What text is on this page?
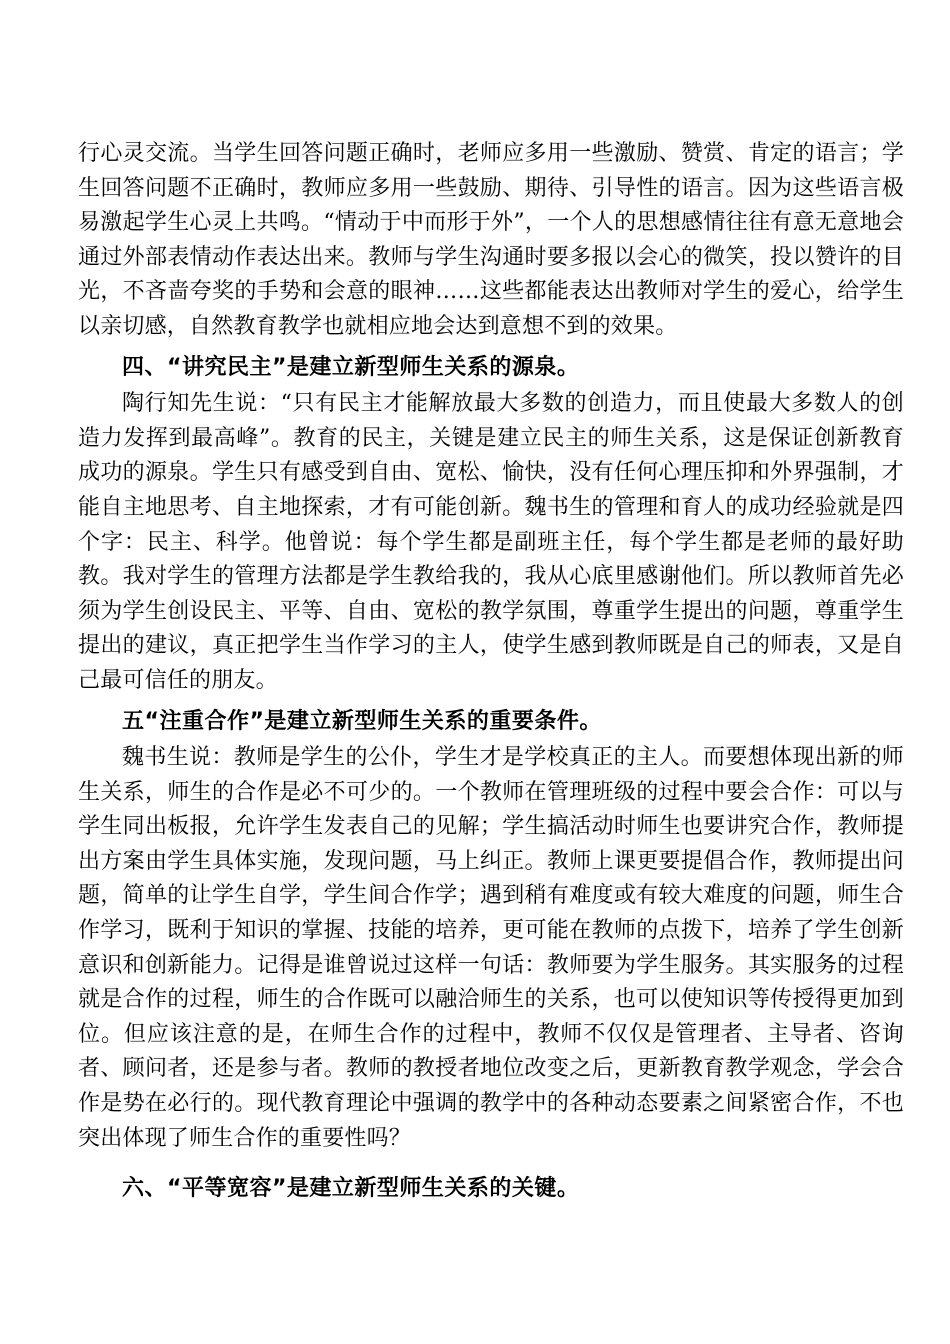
行心灵交流。当学生回答问题正确时，老师应多用一些激励、赞赏、肯定的语言；学生回答问题不正确时，教师应多用一些鼓励、期待、引导性的语言。因为这些语言极易激起学生心灵上共鸣。“情动于中而形于外”，一个人的思想感情往往有意无意地会通过外部表情动作表达出来。教师与学生沟通时要多报以会心的微笑，投以赞许的目光，不吝啬夸奖的手势和会意的眼神……这些都能表达出教师对学生的爱心，给学生以亲切感，自然教育教学也就相应地会达到意想不到的效果。

四、“讲究民主”是建立新型师生关系的源泉。

陶行知先生说：“只有民主才能解放最大多数的创造力，而且使最大多数人的创造力发挥到最高峰”。教育的民主，关键是建立民主的师生关系，这是保证创新教育成功的源泉。学生只有感受到自由、宽松、愉快，没有任何心理压抑和外界强制，才能自主地思考、自主地探索，才有可能创新。魏书生的管理和育人的成功经验就是四个字：民主、科学。他曾说：每个学生都是副班主任，每个学生都是老师的最好助教。我对学生的管理方法都是学生教给我的，我从心底里感谢他们。所以教师首先必须为学生创设民主、平等、自由、宽松的教学氛围，尊重学生提出的问题，尊重学生提出的建议，真正把学生当作学习的主人，使学生感到教师既是自己的师表，又是自己最可信任的朋友。

五“注重合作”是建立新型师生关系的重要条件。

魏书生说：教师是学生的公仆，学生才是学校真正的主人。而要想体现出新的师生关系，师生的合作是必不可少的。一个教师在管理班级的过程中要会合作：可以与学生同出板报，允许学生发表自己的见解；学生搞活动时师生也要讲究合作，教师提出方案由学生具体实施，发现问题，马上纠正。教师上课更要提倡合作，教师提出问题，简单的让学生自学，学生间合作学；遇到稍有难度或有较大难度的问题，师生合作学习，既利于知识的掌握、技能的培养，更可能在教师的点拨下，培养了学生创新意识和创新能力。记得是谁曾说过这样一句话：教师要为学生服务。其实服务的过程就是合作的过程，师生的合作既可以融洽师生的关系，也可以使知识等传授得更加到位。但应该注意的是，在师生合作的过程中，教师不仅仅是管理者、主导者、咨询者、顾问者，还是参与者。教师的教授者地位改变之后，更新教育教学观念，学会合作是势在必行的。现代教育理论中强调的教学中的各种动态要素之间紧密合作，不也突出体现了师生合作的重要性吗？

六、“平等宽容”是建立新型师生关系的关键。
